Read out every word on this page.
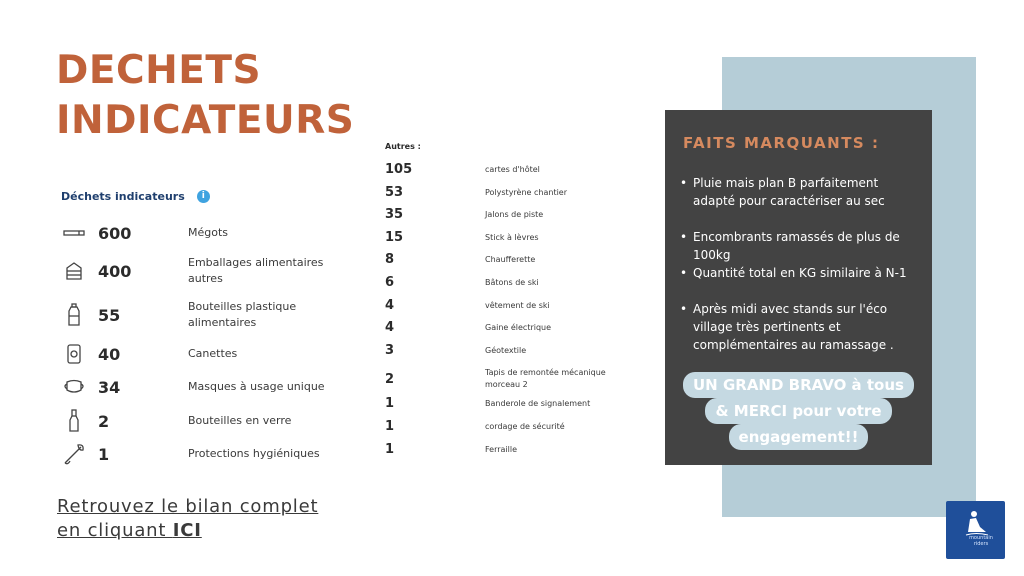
DECHETS
INDICATEURS
Déchets indicateurs	i
600	Mégots
400	Emballages alimentaires autres
55	Bouteilles plastique alimentaires
40	Canettes
34	Masques à usage unique
2	Bouteilles en verre
1	Protections hygiéniques
Autres :
105	cartes d'hôtel
53	Polystyrène chantier
35	Jalons de piste
15	Stick à lèvres
8	Chaufferette
6	Bâtons de ski
4	vêtement de ski
4	Gaine électrique
3	Géotextile
2	Tapis de remontée mécanique morceau 2
1	Banderole de signalement
1	cordage de sécurité
1	Ferraille
Retrouvez le bilan complet
en cliquant ICI
FAITS MARQUANTS :
• Pluie mais plan B parfaitement adapté pour caractériser au sec
• Encombrants ramassés de plus de 100kg
• Quantité total en KG similaire à N-1
• Après midi avec stands sur l'éco village très pertinents et complémentaires au ramassage .
UN GRAND BRAVO à tous
& MERCI pour votre
engagement!!
mountain
riders
